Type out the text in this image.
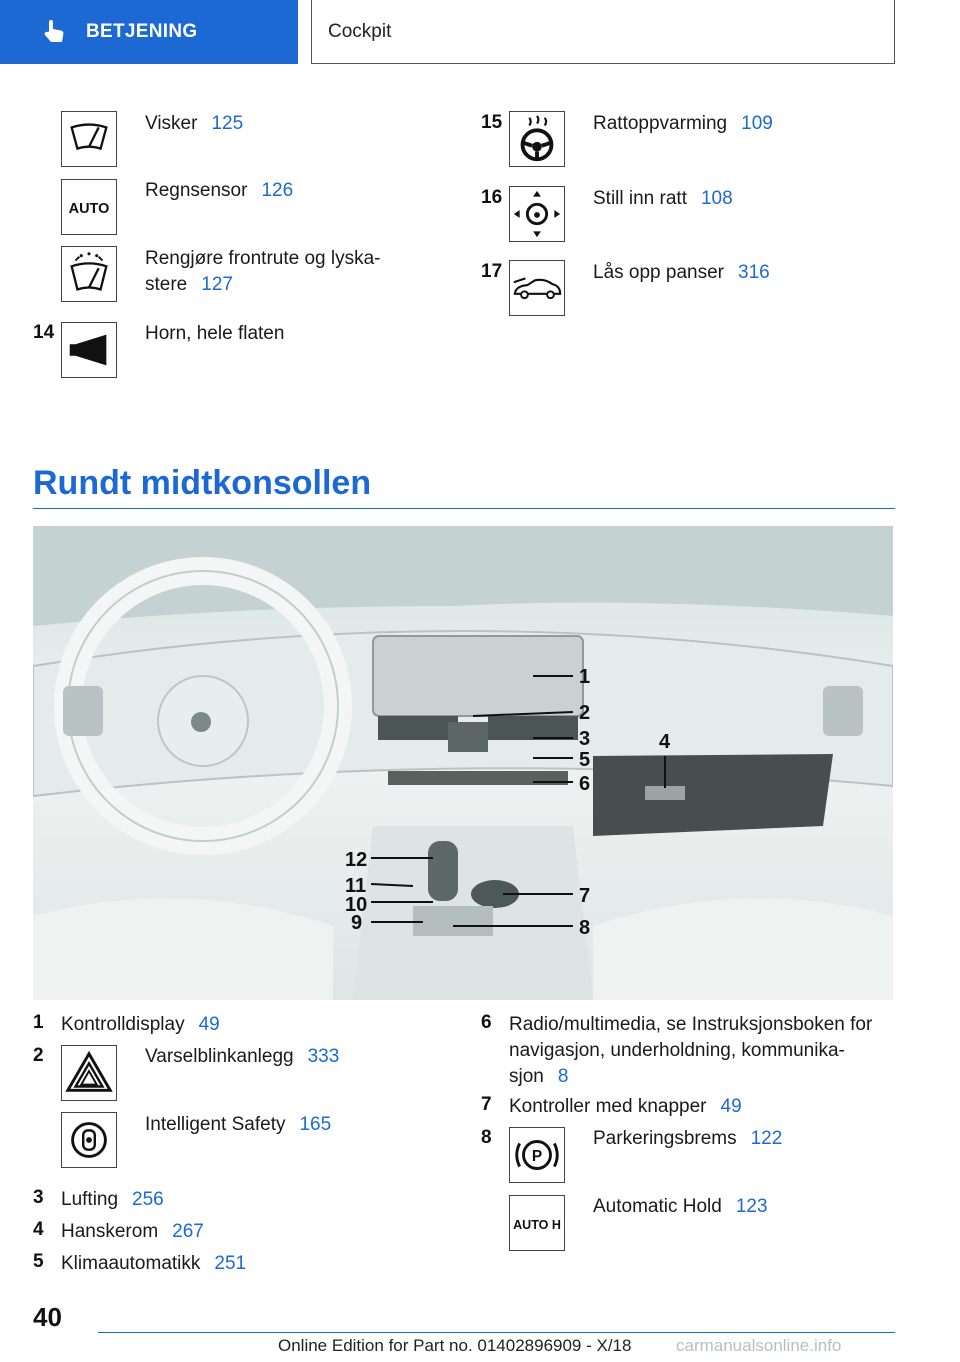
BETJENING	Cockpit
Visker 125
AUTO
Regnsensor 126
Rengjøre frontrute og lyska-
stere 127
14	Horn, hele flaten
15	Rattoppvarming 109
16	Still inn ratt 108
17	Lås opp panser 316
Rundt midtkonsollen
1
2
3	4
5
6
7
8
9
10
11
12
1 Kontrolldisplay 49
2	Varselblinkanlegg 333
Intelligent Safety 165
3 Lufting 256
4 Hanskerom 267
5 Klimaautomatikk 251
6 Radio/multimedia, se Instruksjonsboken for
navigasjon, underholdning, kommunika-
sjon 8
7 Kontroller med knapper 49
8
P
Parkeringsbrems 122
AUTO H
Automatic Hold 123
40
Online Edition for Part no. 01402896909 - X/18	carmanualsonline.info
